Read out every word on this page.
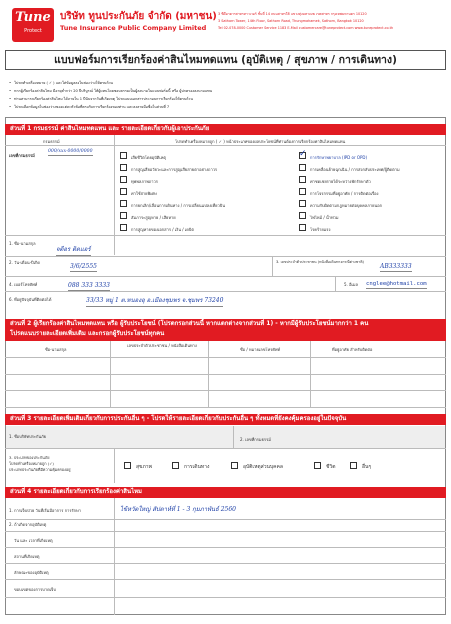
Tune
Protect
บริษัท ทูนประกันภัย จำกัด (มหาชน)
Tune Insurance Public Company Limited
3 ซีดีอาคารสาทรทาวเวอร์ ชั้นที่ 14 ถนนสาทรใต้ แขวงทุ่งมหาเมฆ เขตสาทร กรุงเทพมหานคร 10120
3 Sathorn Tower, 14th Floor, Sathorn Road, Thungmahamek, Sathorn, Bangkok 10120
Tel 02-078-0000 Customer Service 1183 E-Mail customercare@tuneprotect.com www.tuneprotect.co.th
แบบฟอร์มการเรียกร้องค่าสินไหมทดแทน (อุบัติเหตุ / สุขภาพ / การเดินทาง)
• โปรดทำเครื่องหมาย ( ✓ ) และใส่ข้อมูลลงในช่องว่างให้ครบถ้วน
• หากผู้เรียกร้องค่าสินไหม มีอายุต่ำกว่า 20 ปีบริบูรณ์ ให้ผู้แทนโดยชอบธรรมเป็นผู้ลงนามในแบบฟอร์มนี้ หรือ ผู้ปกครองลงนามแทน
• ท่านสามารถเรียกร้องค่าสินไหม ได้ภายใน 1 ปีนับจากวันที่เกิดเหตุ โปรดแนบเอกสารประกอบการเรียกร้องให้ครบถ้วน
• โปรดเลือกข้อมูลในช่องว่างของแต่ละหัวข้อที่ตรงกับการเรียกร้องของท่าน และลงลายมือชื่อในส่วนที่ 7
ส่วนที่ 1 กรมธรรม์ ค่าสินไหมทดแทน และ รายละเอียดเกี่ยวกับผู้เอาประกันภัย
กรมธรรม์	โปรดทำเครื่องหมายถูก ( ✓ ) หน้าประเภทของผลประโยชน์ที่ท่านต้องการเรียกร้องค่าสินไหมทดแทน
เลขที่กรมธรรม์
000/xxx-0000/0000
เสียชีวิตโดยอุบัติเหตุ
การสูญเสียอวัยวะและการสูญเสียสายตาอย่างถาวร
ทุพพลภาพถาวร
ค่าใช้จ่ายพิเศษ
การยกเลิก/เลื่อนการเดินทาง / การเปลี่ยนแปลงเที่ยวบิน
สัมภาระสูญหาย / เสียหาย
การสูญหายของเอกสาร / เงิน / เดบิต
✓
การรักษาพยาบาล (IPD or OPD)
การเคลื่อนย้ายฉุกเฉิน / การส่งกลับประเทศ/ผู้ติดตาม
ค่าชดเชยรายได้ระหว่างพักรักษาตัว
การโจรกรรมที่อยู่อาศัย / การติดต่อเรื่อง
ความรับผิดตามกฎหมายต่อบุคคลภายนอก
ไฟไหม้ / น้ำท่วม
โรคร้ายแรง
1. ชื่อ-นามสกุล
จดีอร ติดแอร์
2. วัน-เดือน-ปีเกิด
3/6/2555
3. เลขประจำตัวประชาชน (หนังสือเดินทางกรณีต่างชาติ)
AB333333
4. เบอร์โทรศัพท์	088 333 3333	5. อีเมล cnglee@hotmail.com
6. ที่อยู่ปัจจุบันที่ติดต่อได้	33/33 หมู่ 1 ต.หนองอุ อ.เมืองชุมพร จ.ชุมพร 73240
ส่วนที่ 2 ผู้เรียกร้องค่าสินไหมทดแทน หรือ ผู้รับประโยชน์ (โปรดกรอกส่วนนี้ หากแตกต่างจากส่วนที่ 1) - หากมีผู้รับประโยชน์มากกว่า 1 คน
โปรดแนบรายละเอียดเพิ่มเติม และกรอกผู้รับประโยชน์ทุกคน
ชื่อ-นามสกุล
เลขประจำตัวประชาชน / หนังสือเดินทาง
ชื่อ / หมายเลขโทรศัพท์	ที่อยู่อาศัย สำหรับติดต่อ
ส่วนที่ 3 รายละเอียดเพิ่มเติมเกี่ยวกับการประกันอื่น ๆ - โปรดให้รายละเอียดเกี่ยวกับประกันอื่น ๆ ทั้งหมดที่ยังคงคุ้มครองอยู่ในปัจจุบัน
1. ชื่อบริษัทประกันภัย
2. เลขที่กรมธรรม์
3. ประเภทของประกันภัย
โปรดทำเครื่องหมายถูก (✓)
ประเภทประกันภัยที่มีความคุ้มครองอยู่	สุขภาพ	การเดินทาง	อุบัติเหตุส่วนบุคคล	ชีวิต	อื่นๆ
ส่วนที่ 4 รายละเอียดเกี่ยวกับการเรียกร้องค่าสินไหม
1. การเจ็บป่วย วันที่เริ่มมีอาการ การรักษา	ไข้หวัดใหญ่ สัปดาห์ที่ 1 - 3 กุมภาพันธ์ 2560
2. ถ้าเกิดจากอุบัติเหตุ
วัน และ เวลาที่เกิดเหตุ
สถานที่เกิดเหตุ
ลักษณะของอุบัติเหตุ
ขอบเขตของการบาดเจ็บ
